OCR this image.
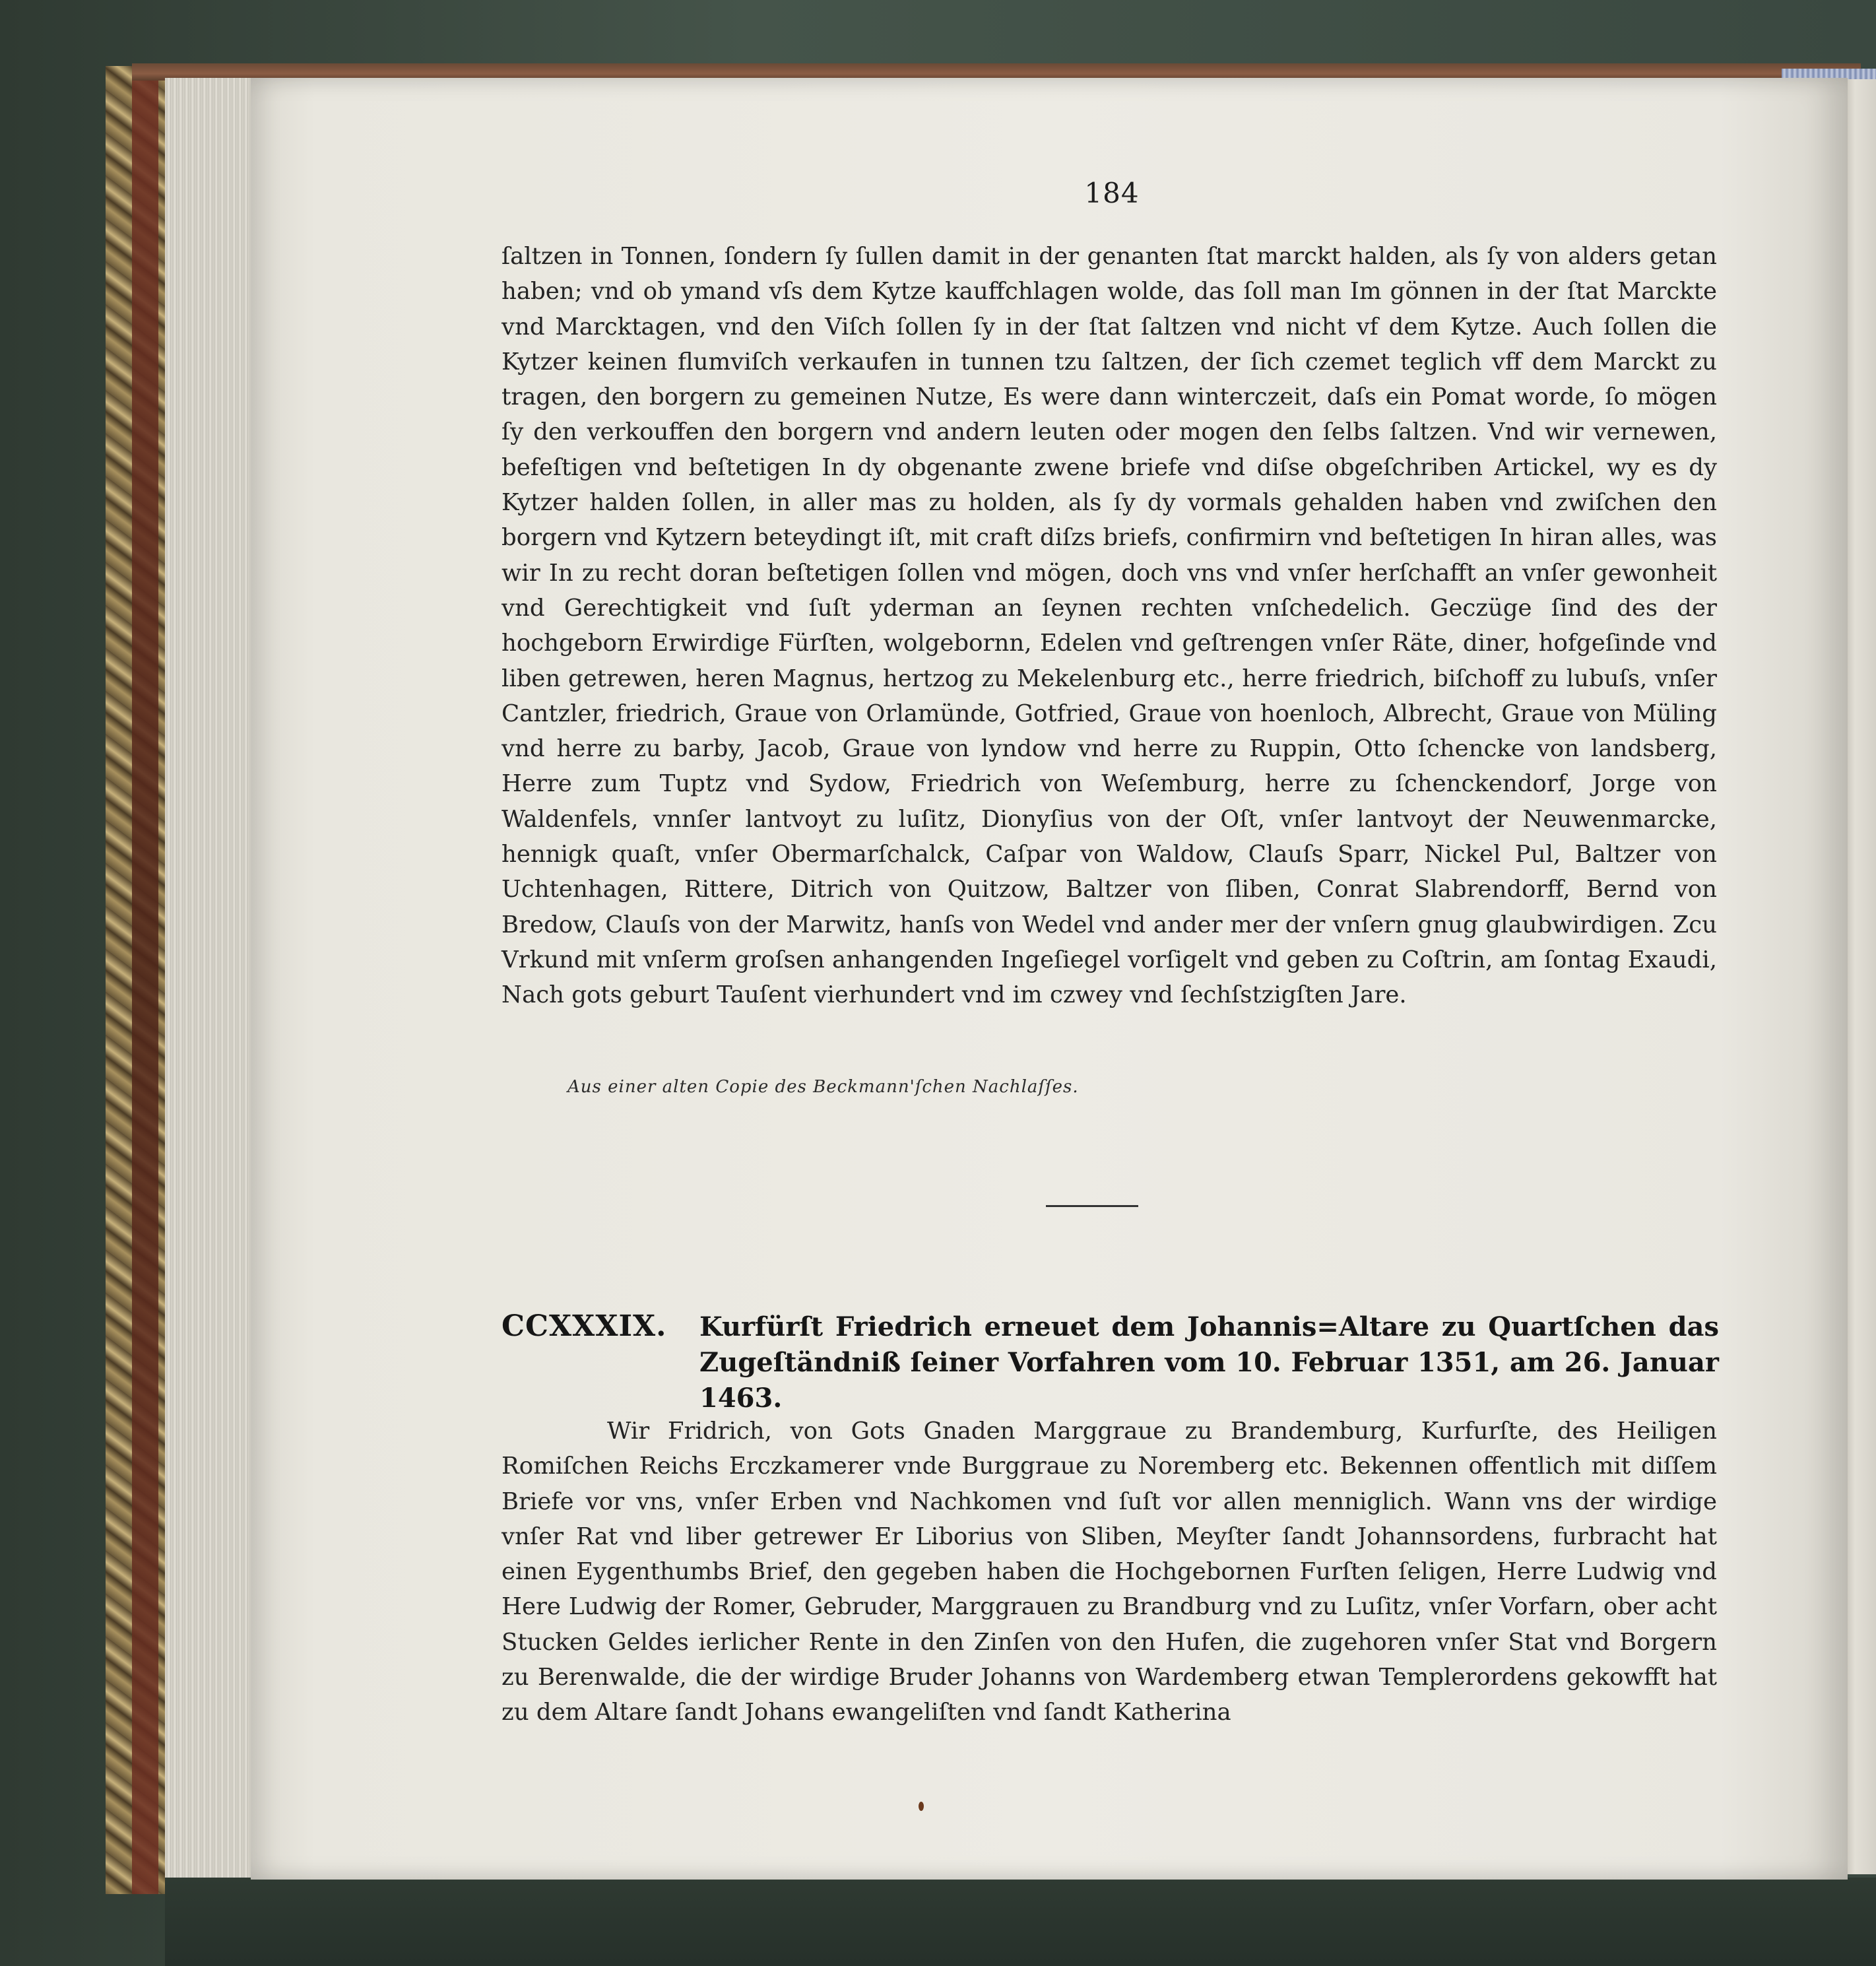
184

ſaltzen in Tonnen, ſondern ſy ſullen damit in der genanten ſtat marckt halden, als ſy von alders getan haben; vnd ob ymand vſs dem Kytze kauffchlagen wolde, das ſoll man Im gönnen in der ſtat Marckte vnd Marcktagen, vnd den Viſch ſollen ſy in der ſtat ſaltzen vnd nicht vf dem Kytze. Auch ſollen die Kytzer keinen flumviſch verkaufen in tunnen tzu ſaltzen, der ſich czemet teglich vff dem Marckt zu tragen, den borgern zu gemeinen Nutze, Es were dann winterczeit, daſs ein Pomat worde, ſo mögen ſy den verkouffen den borgern vnd andern leuten oder mogen den ſelbs ſaltzen. Vnd wir vernewen, befeſtigen vnd beſtetigen In dy obgenante zwene briefe vnd diſse obgeſchriben Artickel, wy es dy Kytzer halden ſollen, in aller mas zu holden, als ſy dy vormals gehalden haben vnd zwiſchen den borgern vnd Kytzern beteydingt iſt, mit craft diſzs briefs, confirmirn vnd beſtetigen In hiran alles, was wir In zu recht doran beſtetigen ſollen vnd mögen, doch vns vnd vnſer herſchafft an vnſer gewonheit vnd Gerechtigkeit vnd ſuſt yderman an ſeynen rechten vnſchedelich. Geczüge ſind des der hochgeborn Erwirdige Fürſten, wolgebornn, Edelen vnd geſtrengen vnſer Räte, diner, hofgeſinde vnd liben getrewen, heren Magnus, hertzog zu Mekelenburg etc., herre friedrich, biſchoff zu lubuſs, vnſer Cantzler, friedrich, Graue von Orlamünde, Gotfried, Graue von hoenloch, Albrecht, Graue von Müling vnd herre zu barby, Jacob, Graue von lyndow vnd herre zu Ruppin, Otto ſchencke von landsberg, Herre zum Tuptz vnd Sydow, Friedrich von Weſemburg, herre zu ſchenckendorf, Jorge von Waldenfels, vnnſer lantvoyt zu luſitz, Dionyſius von der Oſt, vnſer lantvoyt der Neuwenmarcke, hennigk quaſt, vnſer Obermarſchalck, Caſpar von Waldow, Clauſs Sparr, Nickel Pul, Baltzer von Uchtenhagen, Rittere, Ditrich von Quitzow, Baltzer von ſliben, Conrat Slabrendorff, Bernd von Bredow, Clauſs von der Marwitz, hanſs von Wedel vnd ander mer der vnſern gnug glaubwirdigen. Zcu Vrkund mit vnſerm groſsen anhangenden Ingeſiegel vorſigelt vnd geben zu Coſtrin, am ſontag Exaudi, Nach gots geburt Tauſent vierhundert vnd im czwey vnd ſechſstzigſten Jare.

Aus einer alten Copie des Beckmann'ſchen Nachlaſſes.
CCXXXIX. Kurfürſt Friedrich erneuet dem Johannis=Altare zu Quartſchen das Zugeſtändniß ſeiner Vorfahren vom 10. Februar 1351, am 26. Januar 1463.

Wir Fridrich, von Gots Gnaden Marggraue zu Brandemburg, Kurfurſte, des Heiligen Romiſchen Reichs Erczkamerer vnde Burggraue zu Noremberg etc. Bekennen offentlich mit diſſem Briefe vor vns, vnſer Erben vnd Nachkomen vnd ſuſt vor allen menniglich. Wann vns der wirdige vnſer Rat vnd liber getrewer Er Liborius von Sliben, Meyſter ſandt Johannsordens, furbracht hat einen Eygenthumbs Brief, den gegeben haben die Hochgebornen Furſten ſeligen, Herre Ludwig vnd Here Ludwig der Romer, Gebruder, Marggrauen zu Brandburg vnd zu Luſitz, vnſer Vorfarn, ober acht Stucken Geldes ierlicher Rente in den Zinſen von den Hufen, die zugehoren vnſer Stat vnd Borgern zu Berenwalde, die der wirdige Bruder Johanns von Wardemberg etwan Templerordens gekowfft hat zu dem Altare ſandt Johans ewangeliſten vnd ſandt Katherina
